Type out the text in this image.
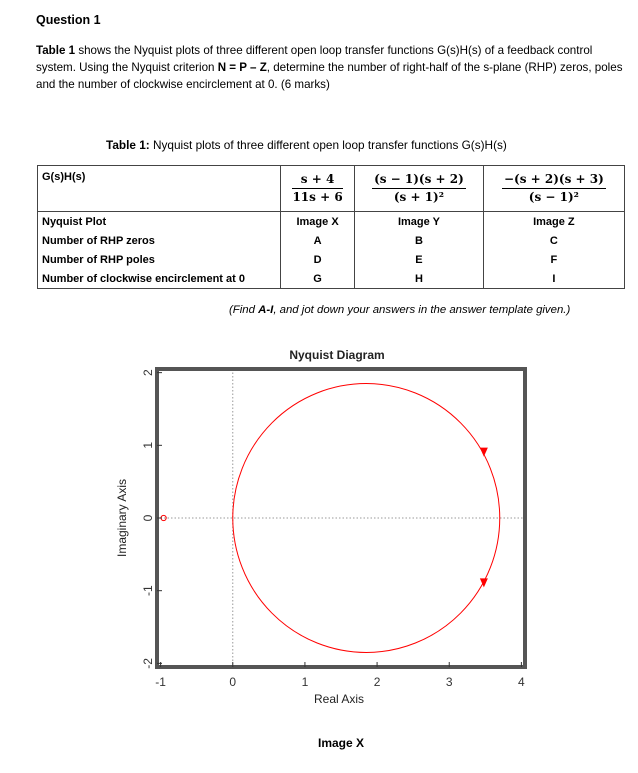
Question 1
Table 1 shows the Nyquist plots of three different open loop transfer functions G(s)H(s) of a feedback control system. Using the Nyquist criterion N = P – Z, determine the number of right-half of the s-plane (RHP) zeros, poles and the number of clockwise encirclement at 0. (6 marks)
Table 1: Nyquist plots of three different open loop transfer functions G(s)H(s)
G(s)H(s)	$\frac{s + 4}{11s + 6}$	$\frac{(s - 1)(s + 2)}{\text{(s + 1)²}}$	$\frac{-(s + 2)(s + 3)}{\text{(s − 1)²}}$

Nyquist Plot	Image X	Image Y	Image Z
Number of RHP zeros	A	B	C
Number of RHP poles	D	E	F
Number of clockwise encirclement at 0	G	H	I
(Find A-I, and jot down your answers in the answer template given.)
-1	0	1	2	3	4
-2
-1
0
1
2
Nyquist Diagram
Real Axis
Imaginary Axis
Image X
